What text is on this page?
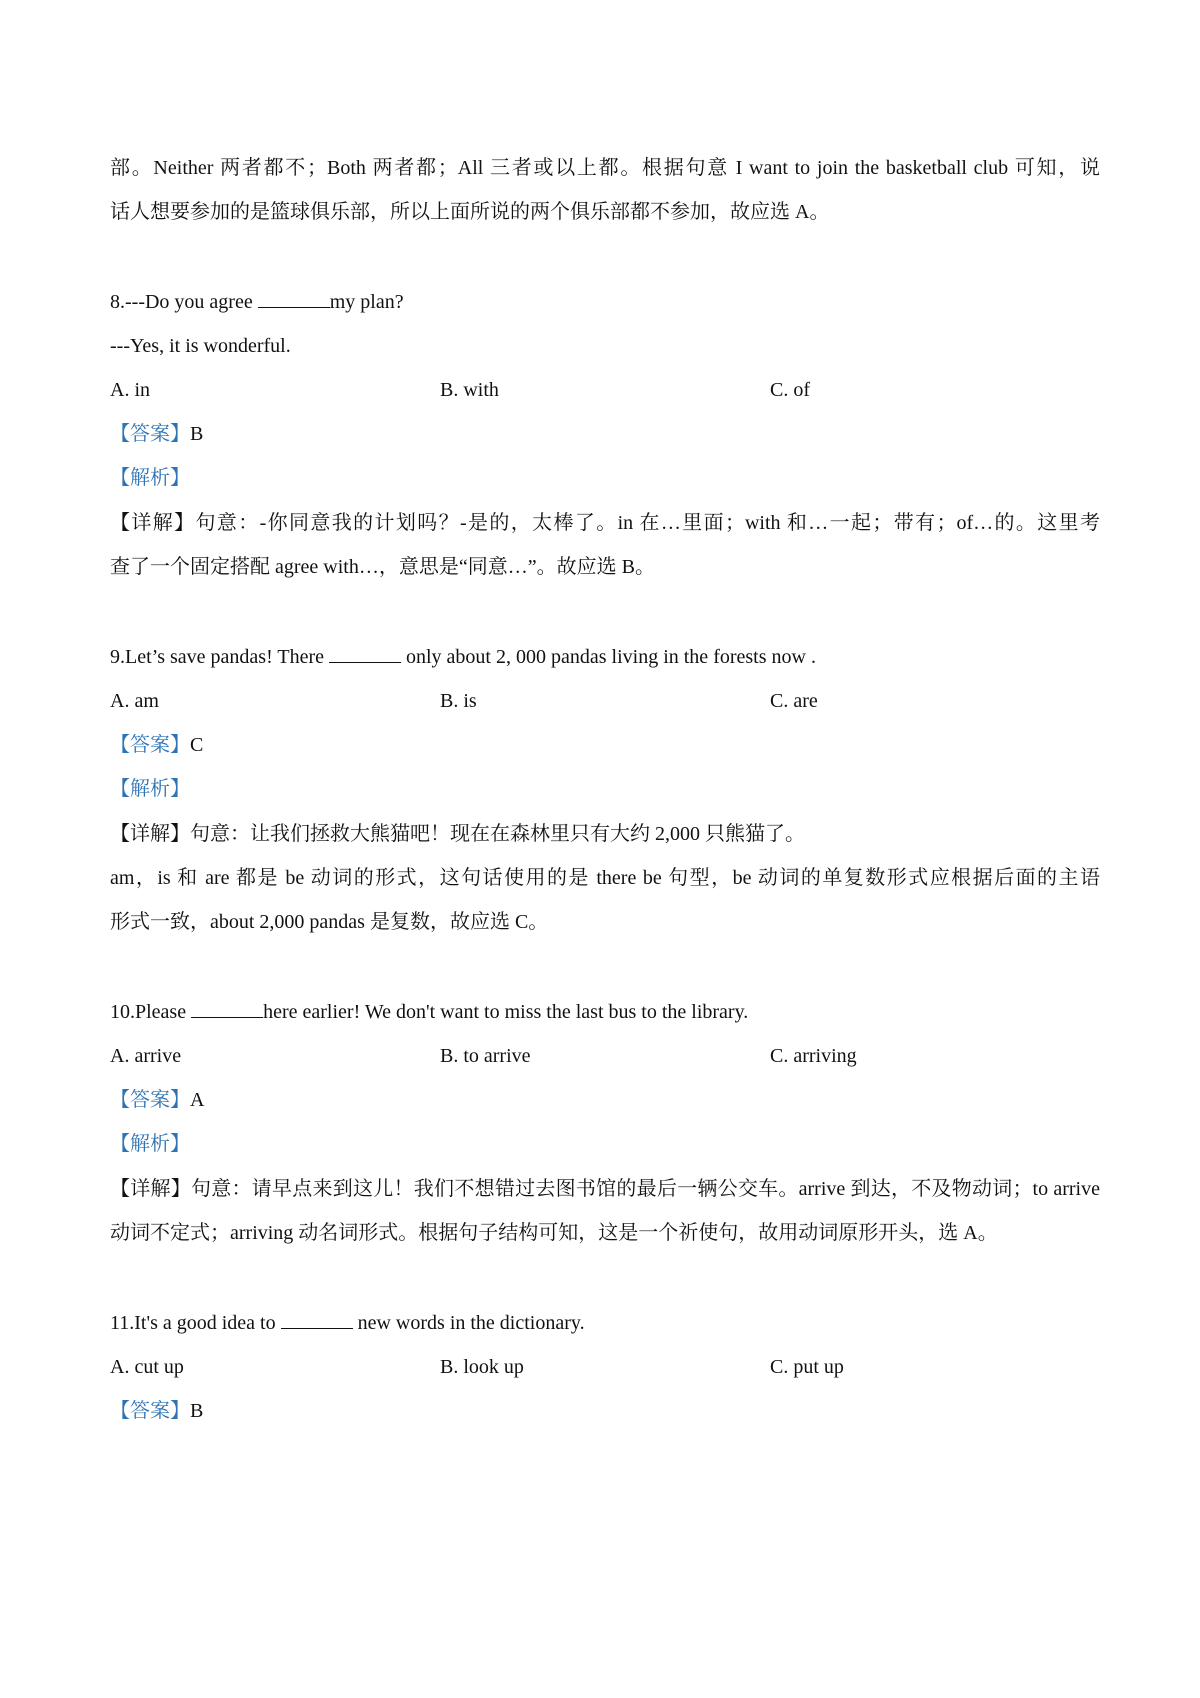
部。Neither 两者都不；Both 两者都；All 三者或以上都。根据句意 I want to join the basketball club 可知，说
话人想要参加的是篮球俱乐部，所以上面所说的两个俱乐部都不参加，故应选 A。
8.---Do you agree	my plan?
---Yes, it is wonderful.
A. in	B. with	C. of
【答案】B
【解析】
【详解】句意：-你同意我的计划吗？-是的，太棒了。in 在…里面；with 和…一起；带有；of…的。这里考
查了一个固定搭配 agree with…，意思是“同意…”。故应选 B。
9.Let’s save pandas! There	only about 2, 000 pandas living in the forests now .
A. am	B. is	C. are
【答案】C
【解析】
【详解】句意：让我们拯救大熊猫吧！现在在森林里只有大约 2,000 只熊猫了。
am，is 和 are 都是 be 动词的形式，这句话使用的是 there be 句型，be 动词的单复数形式应根据后面的主语
形式一致，about 2,000 pandas 是复数，故应选 C。
10.Please	here earlier! We don't want to miss the last bus to the library.
A. arrive	B. to arrive	C. arriving
【答案】A
【解析】
【详解】句意：请早点来到这儿！我们不想错过去图书馆的最后一辆公交车。arrive 到达，不及物动词；to arrive
动词不定式；arriving 动名词形式。根据句子结构可知，这是一个祈使句，故用动词原形开头，选 A。
11.It's a good idea to	new words in the dictionary.
A. cut up	B. look up	C. put up
【答案】B
